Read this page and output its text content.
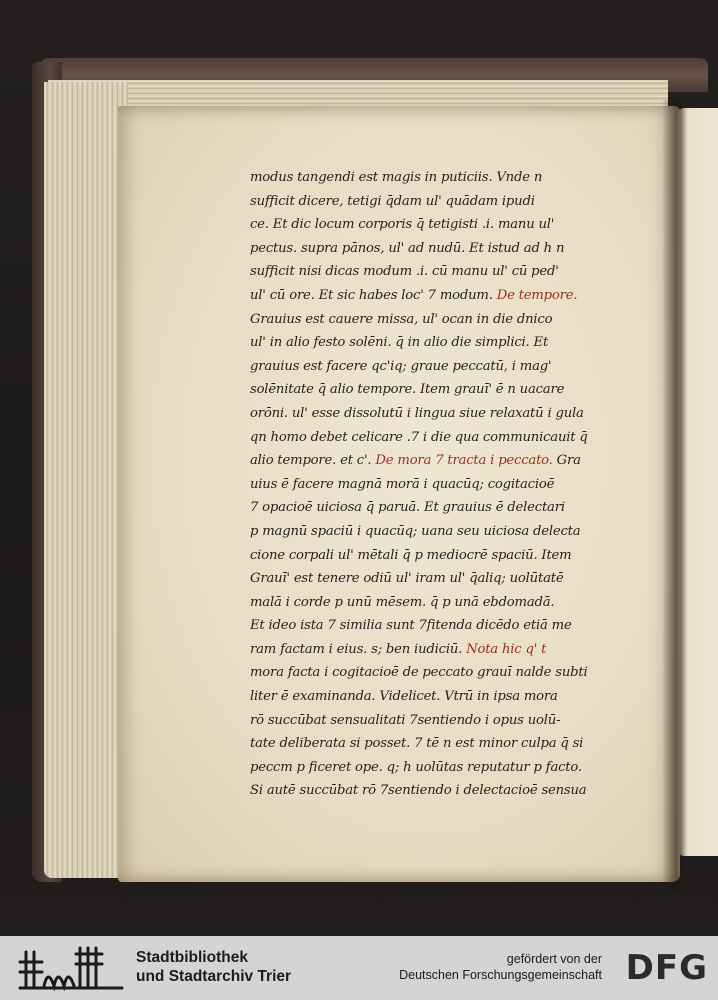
modus tangendi est magis in puticiis. Vnde n
sufficit dicere, tetigi q̄dam ul' quādam ipudi
ce. Et dic locum corporis q̄ tetigisti .i. manu ul'
pectus. supra pānos, ul' ad nudū. Et istud ad h n
sufficit nisi dicas modum .i. cū manu ul' cū ped'
ul' cū ore. Et sic habes loc' 7 modum. De tempore.
Grauius est cauere missa, ul' ocan in die dnico
ul' in alio festo solēni. q̄ in alio die simplici. Et
grauius est facere qc'iq; graue peccatū, i mag'
solēnitate q̄ alio tempore. Item grauī' ē n uacare
orōni. ul' esse dissolutū i lingua siue relaxatū i gula
qn homo debet celicare .7 i die qua communicauit q̄
alio tempore. et c'. De mora 7 tracta i peccato. Gra
uius ē facere magnā morā i quacūq; cogitacioē
7 opacioē uiciosa q̄ paruā. Et grauius ē delectari
p magnū spaciū i quacūq; uana seu uiciosa delecta
cione corpali ul' mētali q̄ p mediocrē spaciū. Item
Grauī' est tenere odiū ul' iram ul' q̄aliq; uolūtatē
malā i corde p unū mēsem. q̄ p unā ebdomadā.
Et ideo ista 7 similia sunt 7fitenda dicēdo etiā me
ram factam i eius. s; ben iudiciū. Nota hic q' t
mora facta i cogitacioē de peccato grauī nalde subti
liter ē examinanda. Videlicet. Vtrū in ipsa mora
rō succūbat sensualitati 7sentiendo i opus uolū-
tate deliberata si posset. 7 tē n est minor culpa q̄ si
peccm p ficeret ope. q; h uolūtas reputatur p facto.
Si autē succūbat rō 7sentiendo i delectacioē sensua
Stadtbibliothek
und Stadtarchiv Trier
gefördert von der
Deutschen Forschungsgemeinschaft DFG
